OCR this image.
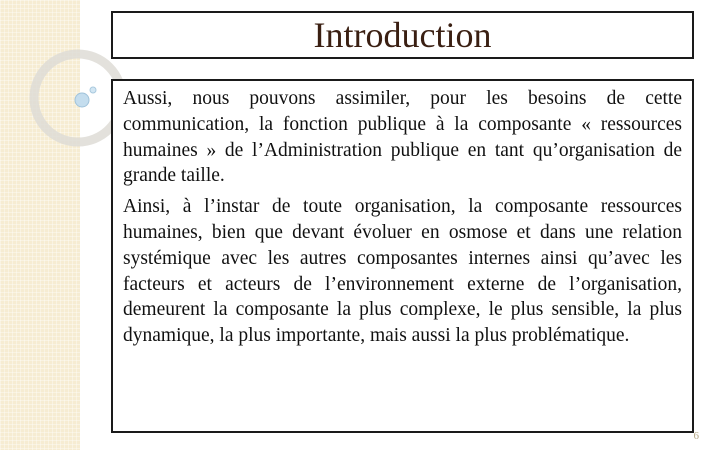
Introduction

Aussi, nous pouvons assimiler, pour les besoins de cette communication, la fonction publique à la composante « ressources humaines » de l’Administration publique en tant qu’organisation de grande taille.

Ainsi, à l’instar de toute organisation, la composante ressources humaines, bien que devant évoluer en osmose et dans une relation systémique avec les autres composantes internes ainsi qu’avec les facteurs et acteurs de l’environnement externe de l’organisation, demeurent la composante la plus complexe, le plus sensible, la plus dynamique, la plus importante, mais aussi la plus problématique.

6
